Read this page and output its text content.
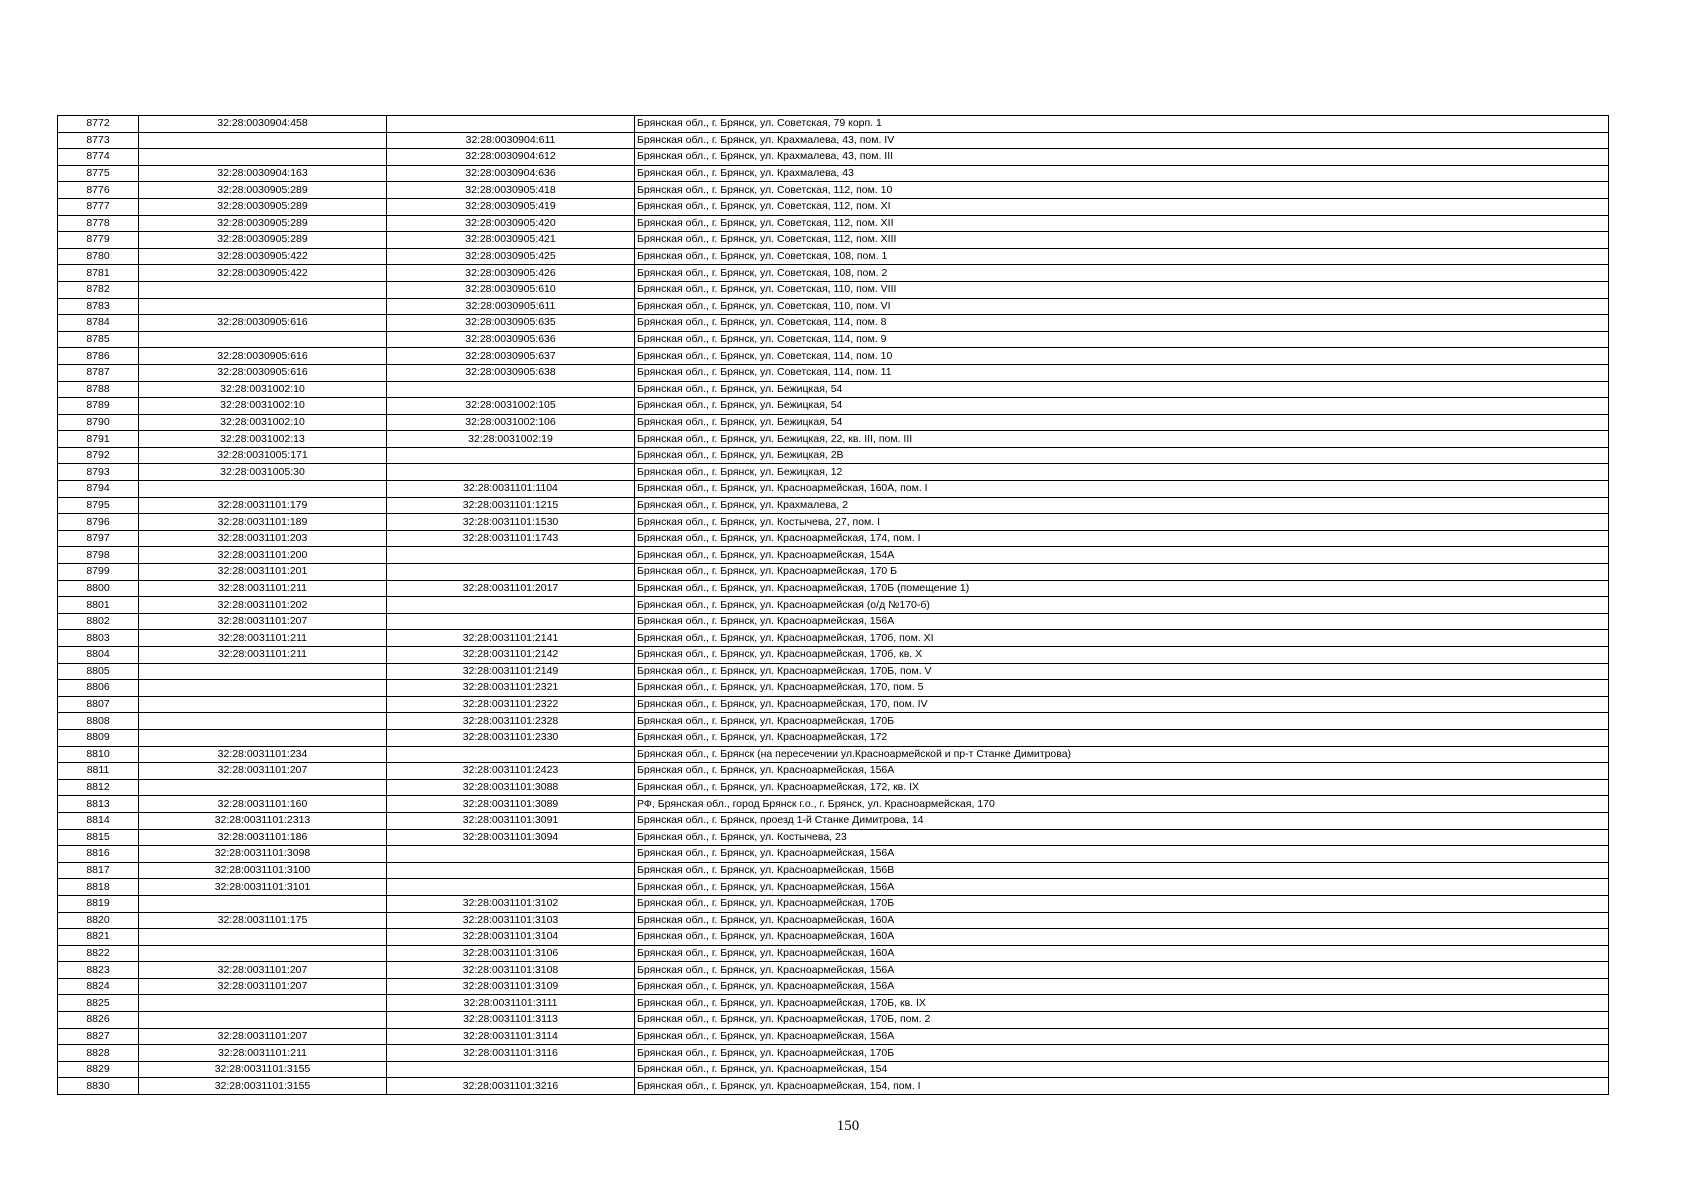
8772	32:28:0030904:458		Брянская обл., г. Брянск, ул. Советская, 79 корп. 1
8773		32:28:0030904:611	Брянская обл., г. Брянск, ул. Крахмалева, 43, пом. IV
8774		32:28:0030904:612	Брянская обл., г. Брянск, ул. Крахмалева, 43, пом. III
8775	32:28:0030904:163	32:28:0030904:636	Брянская обл., г. Брянск, ул. Крахмалева, 43
8776	32:28:0030905:289	32:28:0030905:418	Брянская обл., г. Брянск, ул. Советская, 112, пом. 10
8777	32:28:0030905:289	32:28:0030905:419	Брянская обл., г. Брянск, ул. Советская, 112, пом. XI
8778	32:28:0030905:289	32:28:0030905:420	Брянская обл., г. Брянск, ул. Советская, 112, пом. XII
8779	32:28:0030905:289	32:28:0030905:421	Брянская обл., г. Брянск, ул. Советская, 112, пом. XIII
8780	32:28:0030905:422	32:28:0030905:425	Брянская обл., г. Брянск, ул. Советская, 108, пом. 1
8781	32:28:0030905:422	32:28:0030905:426	Брянская обл., г. Брянск, ул. Советская, 108, пом. 2
8782		32:28:0030905:610	Брянская обл., г. Брянск, ул. Советская, 110, пом. VIII
8783		32:28:0030905:611	Брянская обл., г. Брянск, ул. Советская, 110, пом. VI
8784	32:28:0030905:616	32:28:0030905:635	Брянская обл., г. Брянск, ул. Советская, 114, пом. 8
8785		32:28:0030905:636	Брянская обл., г. Брянск, ул. Советская, 114, пом. 9
8786	32:28:0030905:616	32:28:0030905:637	Брянская обл., г. Брянск, ул. Советская, 114, пом. 10
8787	32:28:0030905:616	32:28:0030905:638	Брянская обл., г. Брянск, ул. Советская, 114, пом. 11
8788	32:28:0031002:10		Брянская обл., г. Брянск, ул. Бежицкая, 54
8789	32:28:0031002:10	32:28:0031002:105	Брянская обл., г. Брянск, ул. Бежицкая, 54
8790	32:28:0031002:10	32:28:0031002:106	Брянская обл., г. Брянск, ул. Бежицкая, 54
8791	32:28:0031002:13	32:28:0031002:19	Брянская обл., г. Брянск, ул. Бежицкая, 22, кв. III, пом. III
8792	32:28:0031005:171		Брянская обл., г. Брянск, ул. Бежицкая, 2В
8793	32:28:0031005:30		Брянская обл., г. Брянск, ул. Бежицкая, 12
8794		32:28:0031101:1104	Брянская обл., г. Брянск, ул. Красноармейская, 160А, пом. I
8795	32:28:0031101:179	32:28:0031101:1215	Брянская обл., г. Брянск, ул. Крахмалева, 2
8796	32:28:0031101:189	32:28:0031101:1530	Брянская обл., г. Брянск, ул. Костычева, 27, пом. I
8797	32:28:0031101:203	32:28:0031101:1743	Брянская обл., г. Брянск, ул. Красноармейская, 174, пом. I
8798	32:28:0031101:200		Брянская обл., г. Брянск, ул. Красноармейская, 154А
8799	32:28:0031101:201		Брянская обл., г. Брянск, ул. Красноармейская, 170 Б
8800	32:28:0031101:211	32:28:0031101:2017	Брянская обл., г. Брянск, ул. Красноармейская, 170Б (помещение 1)
8801	32:28:0031101:202		Брянская обл., г. Брянск, ул. Красноармейская (о/д №170-б)
8802	32:28:0031101:207		Брянская обл., г. Брянск, ул. Красноармейская, 156А
8803	32:28:0031101:211	32:28:0031101:2141	Брянская обл., г. Брянск, ул. Красноармейская, 170б, пом. XI
8804	32:28:0031101:211	32:28:0031101:2142	Брянская обл., г. Брянск, ул. Красноармейская, 170б, кв. X
8805		32:28:0031101:2149	Брянская обл., г. Брянск, ул. Красноармейская, 170Б, пом. V
8806		32:28:0031101:2321	Брянская обл., г. Брянск, ул. Красноармейская, 170, пом. 5
8807		32:28:0031101:2322	Брянская обл., г. Брянск, ул. Красноармейская, 170, пом. IV
8808		32:28:0031101:2328	Брянская обл., г. Брянск, ул. Красноармейская, 170Б
8809		32:28:0031101:2330	Брянская обл., г. Брянск, ул. Красноармейская, 172
8810	32:28:0031101:234		Брянская обл., г. Брянск (на пересечении ул.Красноармейской и пр-т Станке Димитрова)
8811	32:28:0031101:207	32:28:0031101:2423	Брянская обл., г. Брянск, ул. Красноармейская, 156А
8812		32:28:0031101:3088	Брянская обл., г. Брянск, ул. Красноармейская, 172, кв. IX
8813	32:28:0031101:160	32:28:0031101:3089	РФ, Брянская обл., город Брянск г.о., г. Брянск, ул. Красноармейская, 170
8814	32:28:0031101:2313	32:28:0031101:3091	Брянская обл., г. Брянск, проезд 1-й Станке Димитрова, 14
8815	32:28:0031101:186	32:28:0031101:3094	Брянская обл., г. Брянск, ул. Костычева, 23
8816	32:28:0031101:3098		Брянская обл., г. Брянск, ул. Красноармейская, 156А
8817	32:28:0031101:3100		Брянская обл., г. Брянск, ул. Красноармейская, 156В
8818	32:28:0031101:3101		Брянская обл., г. Брянск, ул. Красноармейская, 156А
8819		32:28:0031101:3102	Брянская обл., г. Брянск, ул. Красноармейская, 170Б
8820	32:28:0031101:175	32:28:0031101:3103	Брянская обл., г. Брянск, ул. Красноармейская, 160А
8821		32:28:0031101:3104	Брянская обл., г. Брянск, ул. Красноармейская, 160А
8822		32:28:0031101:3106	Брянская обл., г. Брянск, ул. Красноармейская, 160А
8823	32:28:0031101:207	32:28:0031101:3108	Брянская обл., г. Брянск, ул. Красноармейская, 156А
8824	32:28:0031101:207	32:28:0031101:3109	Брянская обл., г. Брянск, ул. Красноармейская, 156А
8825		32:28:0031101:3111	Брянская обл., г. Брянск, ул. Красноармейская, 170Б, кв. IX
8826		32:28:0031101:3113	Брянская обл., г. Брянск, ул. Красноармейская, 170Б, пом. 2
8827	32:28:0031101:207	32:28:0031101:3114	Брянская обл., г. Брянск, ул. Красноармейская, 156А
8828	32:28:0031101:211	32:28:0031101:3116	Брянская обл., г. Брянск, ул. Красноармейская, 170Б
8829	32:28:0031101:3155		Брянская обл., г. Брянск, ул. Красноармейская, 154
8830	32:28:0031101:3155	32:28:0031101:3216	Брянская обл., г. Брянск, ул. Красноармейская, 154, пом. I
150
